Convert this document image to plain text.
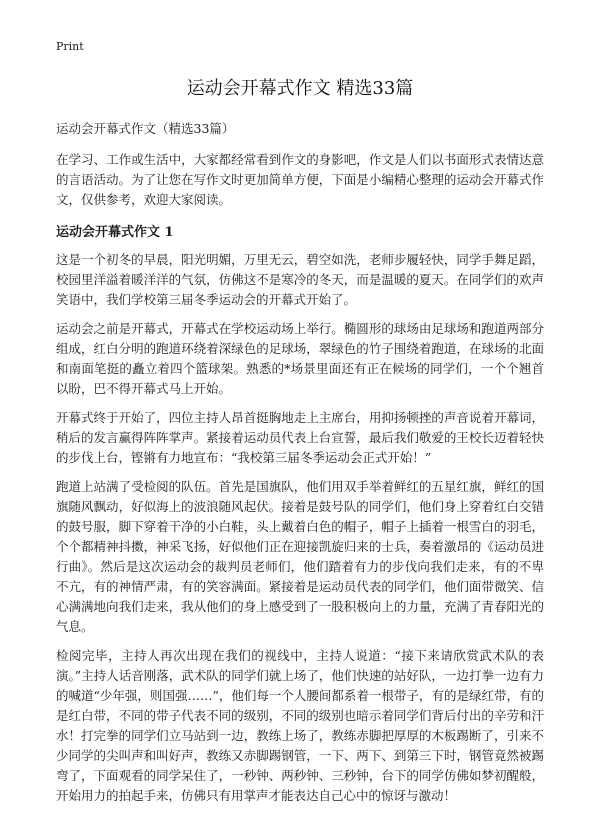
Print
运动会开幕式作文 精选33篇

运动会开幕式作文（精选33篇）

在学习、工作或生活中，大家都经常看到作文的身影吧，作文是人们以书面形式表情达意的言语活动。为了让您在写作文时更加简单方便，下面是小编精心整理的运动会开幕式作文，仅供参考，欢迎大家阅读。

运动会开幕式作文 1

这是一个初冬的早晨，阳光明媚，万里无云，碧空如洗，老师步履轻快，同学手舞足蹈，校园里洋溢着暖洋洋的气氛，仿佛这不是寒冷的冬天，而是温暖的夏天。在同学们的欢声笑语中，我们学校第三届冬季运动会的开幕式开始了。

运动会之前是开幕式，开幕式在学校运动场上举行。椭圆形的球场由足球场和跑道两部分组成，红白分明的跑道环绕着深绿色的足球场，翠绿色的竹子围绕着跑道，在球场的北面和南面笔挺的矗立着四个篮球架。熟悉的*场景里面还有正在候场的同学们，一个个翘首以盼，巴不得开幕式马上开始。

开幕式终于开始了，四位主持人昂首挺胸地走上主席台，用抑扬顿挫的声音说着开幕词，稍后的发言赢得阵阵掌声。紧接着运动员代表上台宣誓，最后我们敬爱的王校长迈着轻快的步伐上台，铿锵有力地宣布：“我校第三届冬季运动会正式开始！”

跑道上站满了受检阅的队伍。首先是国旗队，他们用双手举着鲜红的五星红旗，鲜红的国旗随风飘动，好似海上的波浪随风起伏。接着是鼓号队的同学们，他们身上穿着红白交错的鼓号服，脚下穿着干净的小白鞋，头上戴着白色的帽子，帽子上插着一根雪白的羽毛，个个都精神抖擞，神采飞扬，好似他们正在迎接凯旋归来的士兵，奏着激昂的《运动员进行曲》。然后是这次运动会的裁判员老师们，他们踏着有力的步伐向我们走来，有的不卑不亢，有的神情严肃，有的笑容满面。紧接着是运动员代表的同学们，他们面带微笑、信心满满地向我们走来，我从他们的身上感受到了一股积极向上的力量，充满了青春阳光的气息。

检阅完毕，主持人再次出现在我们的视线中，主持人说道：“接下来请欣赏武术队的表演。”主持人话音刚落，武术队的同学们就上场了，他们快速的站好队，一边打拳一边有力的喊道“少年强，则国强……”，他们每一个人腰间都系着一根带子，有的是绿红带，有的是红白带，不同的带子代表不同的级别，不同的级别也暗示着同学们背后付出的辛劳和汗水！打完拳的同学们立马站到一边，教练上场了，教练赤脚把厚厚的木板踢断了，引来不少同学的尖叫声和叫好声，教练又赤脚踢钢管，一下、两下、到第三下时，钢管竟然被踢弯了，下面观看的同学呆住了，一秒钟、两秒钟、三秒钟，台下的同学仿佛如梦初醒般，开始用力的拍起手来，仿佛只有用掌声才能表达自己心中的惊讶与激动！
